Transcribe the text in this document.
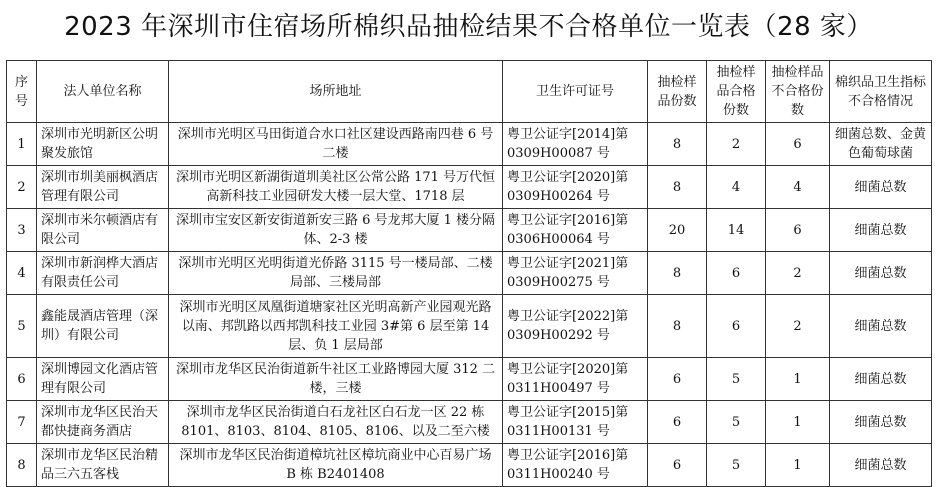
2023 年深圳市住宿场所棉织品抽检结果不合格单位一览表（28 家）
序号	法人单位名称	场所地址	卫生许可证号	抽检样品份数	抽检样品合格份数	抽检样品不合格份数	棉织品卫生指标不合格情况
1	深圳市光明新区公明聚发旅馆	深圳市光明区马田街道合水口社区建设西路南四巷 6 号二楼	粤卫公证字[2014]第0309H00087 号	8	2	6	细菌总数、金黄色葡萄球菌
2	深圳市圳美丽枫酒店管理有限公司	深圳市光明区新湖街道圳美社区公常公路 171 号万代恒高新科技工业园研发大楼一层大堂、1718 层	粤卫公证字[2020]第0309H00264 号	8	4	4	细菌总数
3	深圳市米尔顿酒店有限公司	深圳市宝安区新安街道新安三路 6 号龙邦大厦 1 楼分隔体、2-3 楼	粤卫公证字[2016]第0306H00064 号	20	14	6	细菌总数
4	深圳市新润桦大酒店有限责任公司	深圳市光明区光明街道光侨路 3115 号一楼局部、二楼局部、三楼局部	粤卫公证字[2021]第0309H00275 号	8	6	2	细菌总数
5	鑫能晟酒店管理（深圳）有限公司	深圳市光明区凤凰街道塘家社区光明高新产业园观光路以南、邦凯路以西邦凯科技工业园 3#第 6 层至第 14 层、负 1 层局部	粤卫公证字[2022]第0309H00292 号	8	6	2	细菌总数
6	深圳博园文化酒店管理有限公司	深圳市龙华区民治街道新牛社区工业路博园大厦 312 二楼，三楼	粤卫公证字[2020]第0311H00497 号	6	5	1	细菌总数
7	深圳市龙华区民治天都快捷商务酒店	深圳市龙华区民治街道白石龙社区白石龙一区 22 栋8101、8103、8104、8105、8106、以及二至六楼	粤卫公证字[2015]第0311H00131 号	6	5	1	细菌总数
8	深圳市龙华区民治精品三六五客栈	深圳市龙华区民治街道樟坑社区樟坑商业中心百易广场B 栋 B2401408	粤卫公证字[2016]第0311H00240 号	6	5	1	细菌总数
